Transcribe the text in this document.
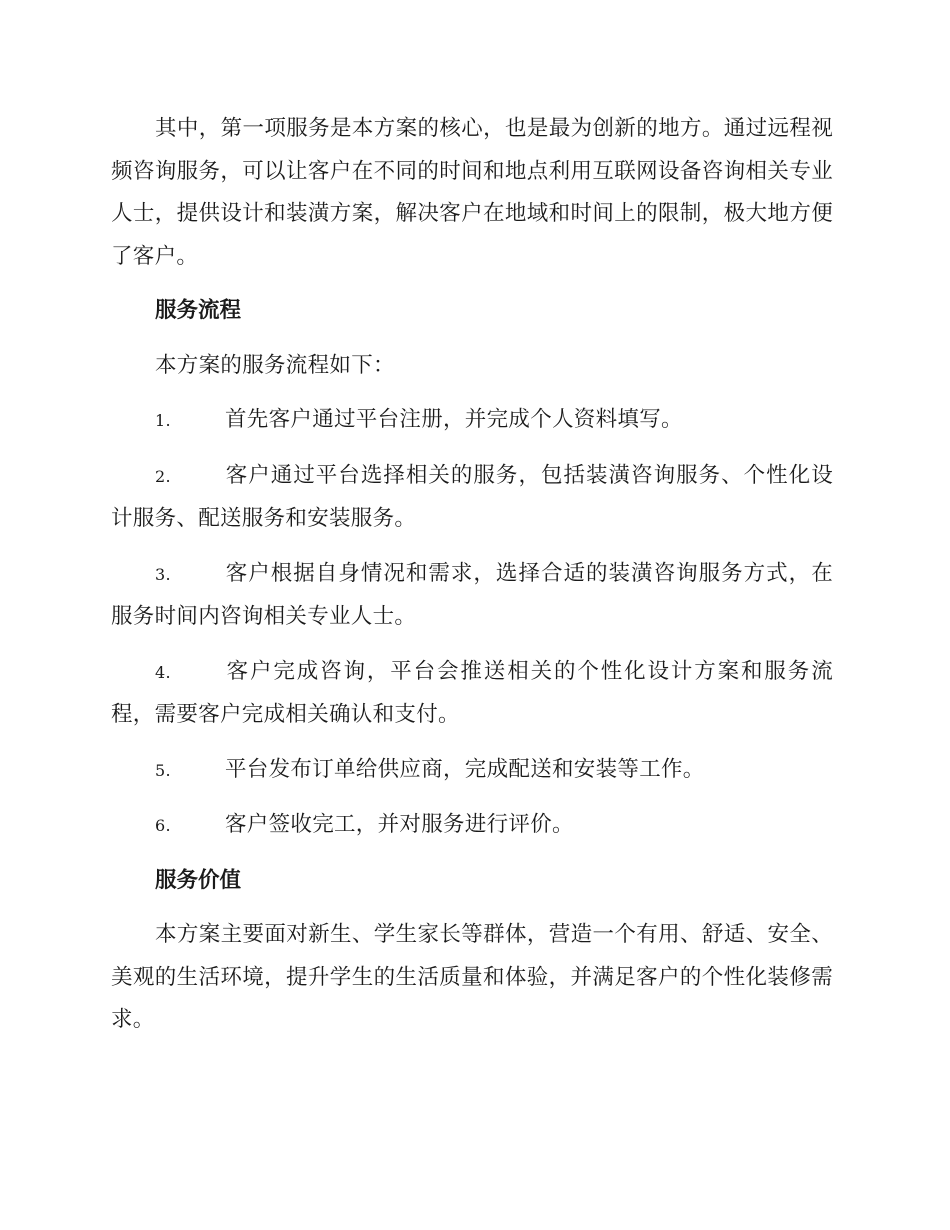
其中，第一项服务是本方案的核心，也是最为创新的地方。通过远程视频咨询服务，可以让客户在不同的时间和地点利用互联网设备咨询相关专业人士，提供设计和装潢方案，解决客户在地域和时间上的限制，极大地方便了客户。

服务流程

本方案的服务流程如下：

1.	首先客户通过平台注册，并完成个人资料填写。

2.	客户通过平台选择相关的服务，包括装潢咨询服务、个性化设计服务、配送服务和安装服务。

3.	客户根据自身情况和需求，选择合适的装潢咨询服务方式，在服务时间内咨询相关专业人士。

4.	客户完成咨询，平台会推送相关的个性化设计方案和服务流程，需要客户完成相关确认和支付。

5.	平台发布订单给供应商，完成配送和安装等工作。

6.	客户签收完工，并对服务进行评价。

服务价值

本方案主要面对新生、学生家长等群体，营造一个有用、舒适、安全、美观的生活环境，提升学生的生活质量和体验，并满足客户的个性化装修需求。
